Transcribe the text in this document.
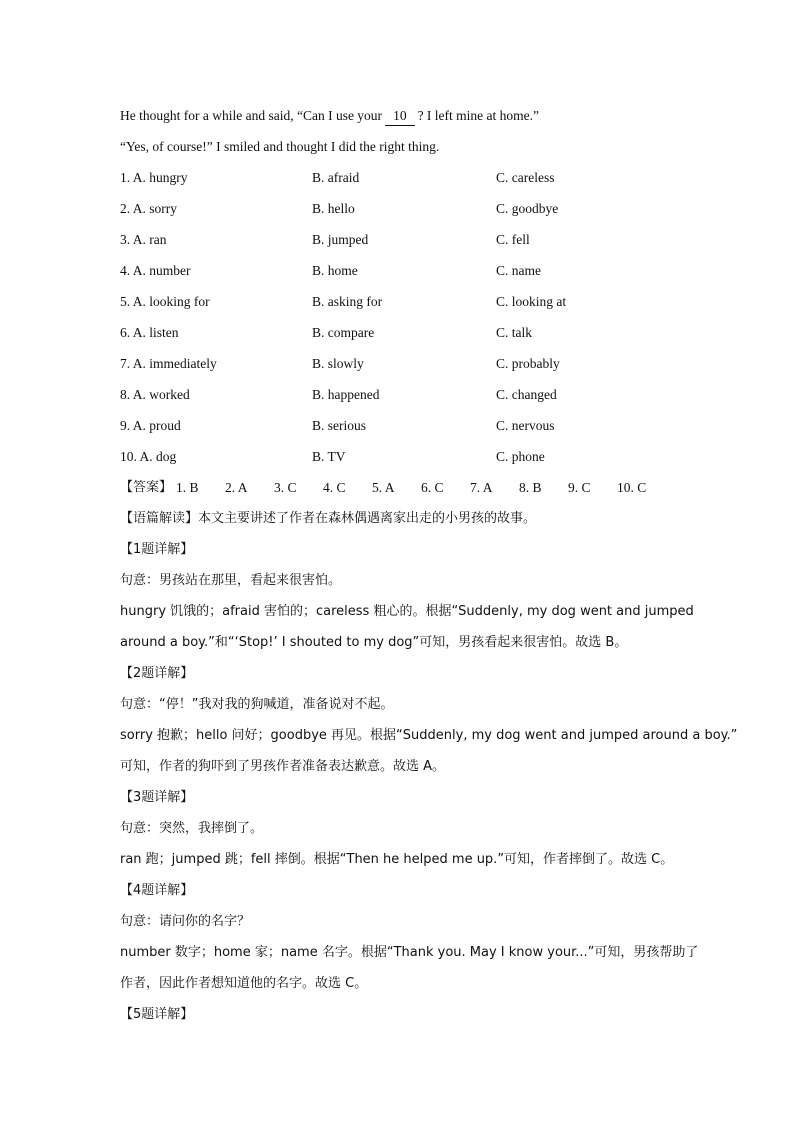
He thought for a while and said, “Can I use your 10 ? I left mine at home.”
“Yes, of course!” I smiled and thought I did the right thing.
1. A. hungry	B. afraid	C. careless
2. A. sorry	B. hello	C. goodbye
3. A. ran	B. jumped	C. fell
4. A. number	B. home	C. name
5. A. looking for	B. asking for	C. looking at
6. A. listen	B. compare	C. talk
7. A. immediately	B. slowly	C. probably
8. A. worked	B. happened	C. changed
9. A. proud	B. serious	C. nervous
10. A. dog	B. TV	C. phone
【答案】 1. B	2. A	3. C	4. C	5. A	6. C	7. A	8. B	9. C	10. C
【语篇解读】本文主要讲述了作者在森林偶遇离家出走的小男孩的故事。
【1题详解】
句意：男孩站在那里，看起来很害怕。
hungry 饥饿的；afraid 害怕的；careless 粗心的。根据“Suddenly, my dog went and jumped
around a boy.”和“‘Stop!’ I shouted to my dog”可知，男孩看起来很害怕。故选 B。
【2题详解】
句意：“停！”我对我的狗喊道，准备说对不起。
sorry 抱歉；hello 问好；goodbye 再见。根据“Suddenly, my dog went and jumped around a boy.”
可知，作者的狗吓到了男孩作者准备表达歉意。故选 A。
【3题详解】
句意：突然，我摔倒了。
ran 跑；jumped 跳；fell 摔倒。根据“Then he helped me up.”可知，作者摔倒了。故选 C。
【4题详解】
句意：请问你的名字？
number 数字；home 家；name 名字。根据“Thank you. May I know your...”可知，男孩帮助了
作者，因此作者想知道他的名字。故选 C。
【5题详解】
